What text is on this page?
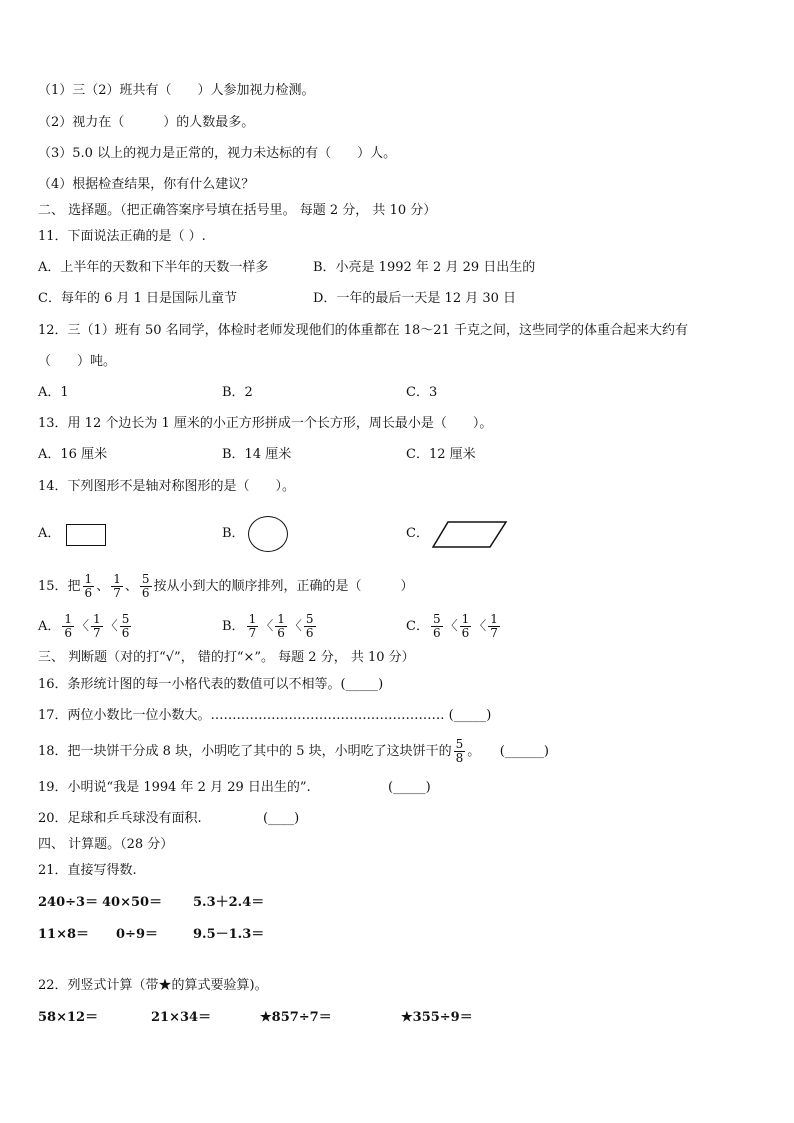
（1）三（2）班共有（　　）人参加视力检测。
（2）视力在（　　　）的人数最多。
（3）5.0 以上的视力是正常的，视力未达标的有（　　）人。
（4）根据检查结果，你有什么建议？
二、 选择题。（把正确答案序号填在括号里。 每题 2 分， 共 10 分）
11．下面说法正确的是（ ）.
A．上半年的天数和下半年的天数一样多	B．小亮是 1992 年 2 月 29 日出生的
C．每年的 6 月 1 日是国际儿童节	D．一年的最后一天是 12 月 30 日
12．三（1）班有 50 名同学，体检时老师发现他们的体重都在 18～21 千克之间，这些同学的体重合起来大约有
（　　）吨。
A．1	B．2	C．3
13．用 12 个边长为 1 厘米的小正方形拼成一个长方形，周长最小是（　　）。
A．16 厘米	B．14 厘米	C．12 厘米
14．下列图形不是轴对称图形的是（　　）。
A．	B．	C．
15．把 $\frac{1}{6}$ 、 $\frac{1}{7}$ 、 $\frac{5}{6}$ 按从小到大的顺序排列，正确的是（　　　）
A． $\frac{1}{6}$ 〈 $\frac{1}{7}$ 〈 $\frac{5}{6}$	B． $\frac{1}{7}$ 〈 $\frac{1}{6}$ 〈 $\frac{5}{6}$	C． $\frac{5}{6}$ 〈 $\frac{1}{6}$ 〈 $\frac{1}{7}$
三、 判断题（对的打“√”， 错的打“×”。 每题 2 分， 共 10 分）
16．条形统计图的每一小格代表的数值可以不相等。(_____)
17．两位小数比一位小数大。……………………………………………… (_____)
18．把一块饼干分成 8 块，小明吃了其中的 5 块，小明吃了这块饼干的 $\frac{5}{8}$ 。　　(______)
19．小明说“我是 1994 年 2 月 29 日出生的”.	(_____)
20．足球和乒乓球没有面积.	(____)
四、 计算题。（28 分）
21．直接写得数.
240÷3＝ 40×50＝ 5.3＋2.4＝
11×8＝ 0÷9＝	9.5－1.3＝
22．列竖式计算（带★的算式要验算)。
58×12＝	21×34＝	★857÷7＝	★355÷9＝
